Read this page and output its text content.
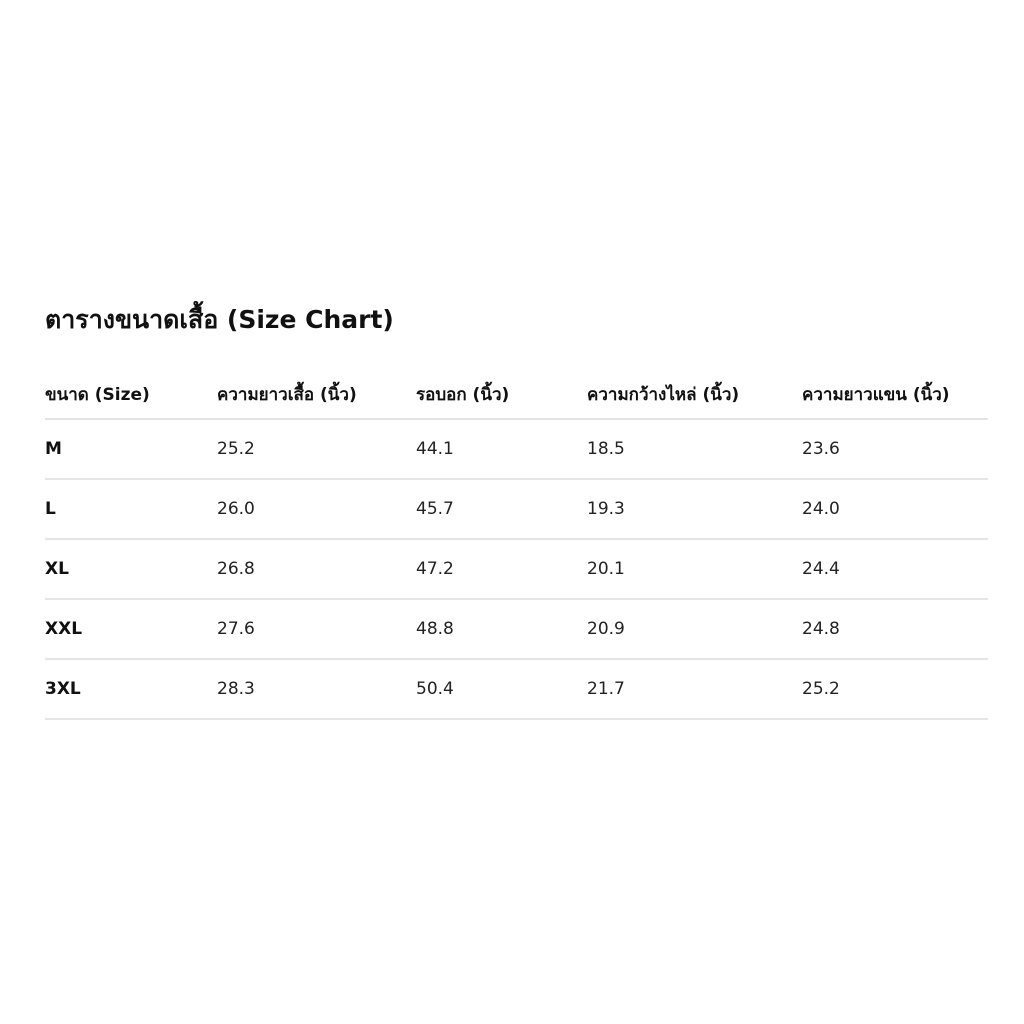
ตารางขนาดเสื้อ (Size Chart)
ขนาด (Size)	ความยาวเสื้อ (นิ้ว)	รอบอก (นิ้ว)	ความกว้างไหล่ (นิ้ว)	ความยาวแขน (นิ้ว)
M	25.2	44.1	18.5	23.6
L	26.0	45.7	19.3	24.0
XL	26.8	47.2	20.1	24.4
XXL	27.6	48.8	20.9	24.8
3XL	28.3	50.4	21.7	25.2
